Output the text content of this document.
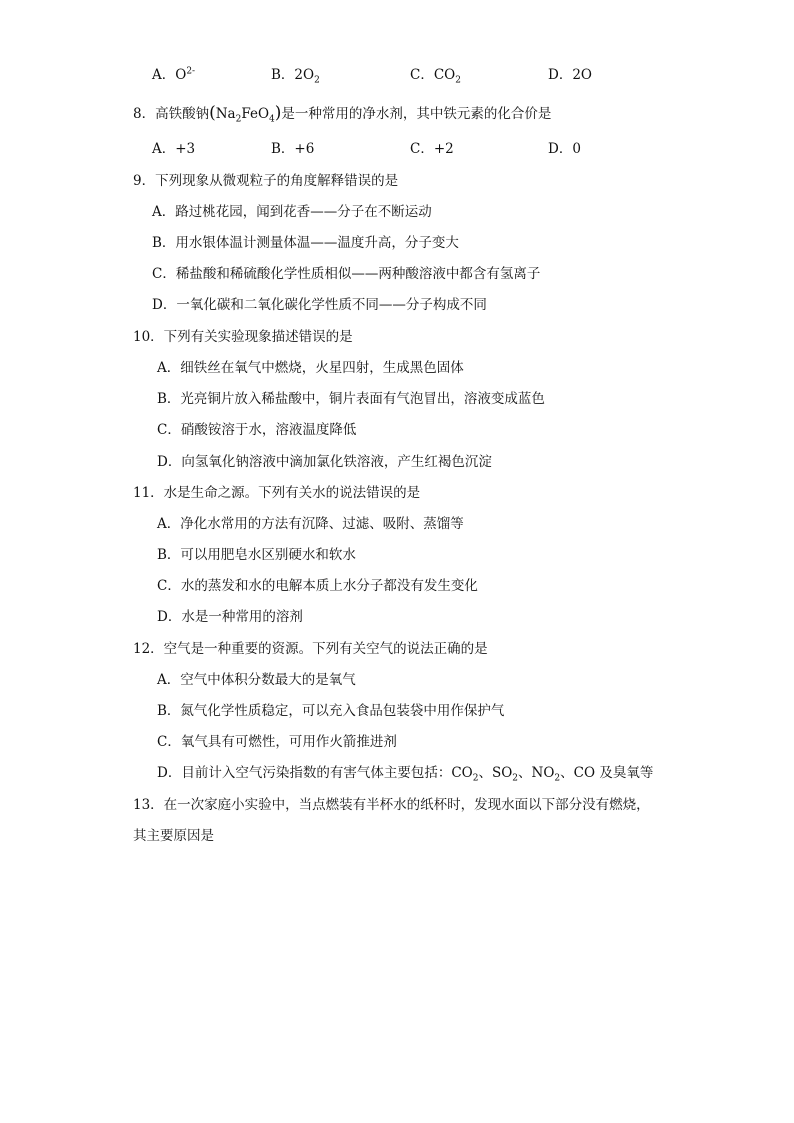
A．$O^{2-}$	B．$2O_2$	C．$CO_2$	D．2O
8．高铁酸钠$(Na_2FeO_4)$是一种常用的净水剂，其中铁元素的化合价是
A．+3	B．+6	C．+2	D．0
9．下列现象从微观粒子的角度解释错误的是
A．路过桃花园，闻到花香——分子在不断运动
B．用水银体温计测量体温——温度升高，分子变大
C．稀盐酸和稀硫酸化学性质相似——两种酸溶液中都含有氢离子
D．一氧化碳和二氧化碳化学性质不同——分子构成不同
10．下列有关实验现象描述错误的是
A．细铁丝在氧气中燃烧，火星四射，生成黑色固体
B．光亮铜片放入稀盐酸中，铜片表面有气泡冒出，溶液变成蓝色
C．硝酸铵溶于水，溶液温度降低
D．向氢氧化钠溶液中滴加氯化铁溶液，产生红褐色沉淀
11．水是生命之源。下列有关水的说法错误的是
A．净化水常用的方法有沉降、过滤、吸附、蒸馏等
B．可以用肥皂水区别硬水和软水
C．水的蒸发和水的电解本质上水分子都没有发生变化
D．水是一种常用的溶剂
12．空气是一种重要的资源。下列有关空气的说法正确的是
A．空气中体积分数最大的是氧气
B．氮气化学性质稳定，可以充入食品包装袋中用作保护气
C．氧气具有可燃性，可用作火箭推进剂
D．目前计入空气污染指数的有害气体主要包括：$CO_2$、$SO_2$、$NO_2$、CO 及臭氧等
13．在一次家庭小实验中，当点燃装有半杯水的纸杯时，发现水面以下部分没有燃烧，
其主要原因是
